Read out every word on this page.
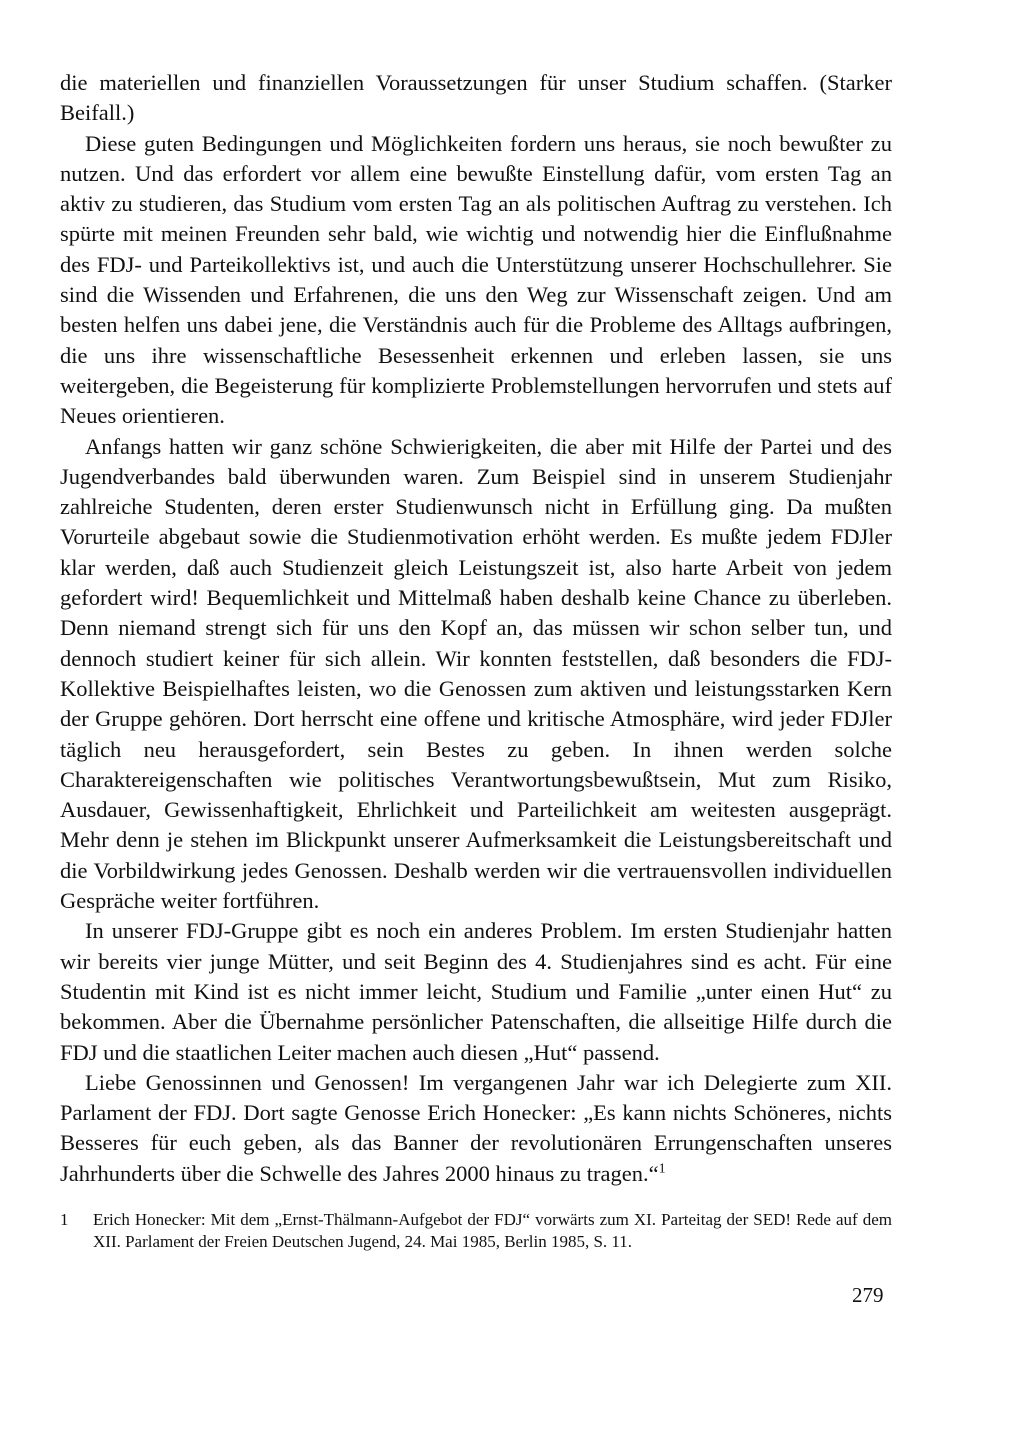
die materiellen und finanziellen Voraussetzungen für unser Studium schaffen. (Starker Beifall.)

Diese guten Bedingungen und Möglichkeiten fordern uns heraus, sie noch bewußter zu nutzen. Und das erfordert vor allem eine bewußte Einstellung dafür, vom ersten Tag an aktiv zu studieren, das Studium vom ersten Tag an als politischen Auftrag zu verstehen. Ich spürte mit meinen Freunden sehr bald, wie wichtig und notwendig hier die Einflußnahme des FDJ- und Parteikollektivs ist, und auch die Unterstützung unserer Hochschullehrer. Sie sind die Wissenden und Erfahrenen, die uns den Weg zur Wissenschaft zeigen. Und am besten helfen uns dabei jene, die Verständnis auch für die Probleme des Alltags aufbringen, die uns ihre wissenschaftliche Besessenheit erkennen und erleben lassen, sie uns weitergeben, die Begeisterung für komplizierte Problemstellungen hervorrufen und stets auf Neues orientieren.

Anfangs hatten wir ganz schöne Schwierigkeiten, die aber mit Hilfe der Partei und des Jugendverbandes bald überwunden waren. Zum Beispiel sind in unserem Studienjahr zahlreiche Studenten, deren erster Studienwunsch nicht in Erfüllung ging. Da mußten Vorurteile abgebaut sowie die Studienmotivation erhöht werden. Es mußte jedem FDJler klar werden, daß auch Studienzeit gleich Leistungszeit ist, also harte Arbeit von jedem gefordert wird! Bequemlichkeit und Mittelmaß haben deshalb keine Chance zu überleben. Denn niemand strengt sich für uns den Kopf an, das müssen wir schon selber tun, und dennoch studiert keiner für sich allein. Wir konnten feststellen, daß besonders die FDJ-Kollektive Beispielhaftes leisten, wo die Genossen zum aktiven und leistungsstarken Kern der Gruppe gehören. Dort herrscht eine offene und kritische Atmosphäre, wird jeder FDJler täglich neu herausgefordert, sein Bestes zu geben. In ihnen werden solche Charaktereigenschaften wie politisches Verantwortungsbewußtsein, Mut zum Risiko, Ausdauer, Gewissenhaftigkeit, Ehrlichkeit und Parteilichkeit am weitesten ausgeprägt. Mehr denn je stehen im Blickpunkt unserer Aufmerksamkeit die Leistungsbereitschaft und die Vorbildwirkung jedes Genossen. Deshalb werden wir die vertrauensvollen individuellen Gespräche weiter fortführen.

In unserer FDJ-Gruppe gibt es noch ein anderes Problem. Im ersten Studienjahr hatten wir bereits vier junge Mütter, und seit Beginn des 4. Studienjahres sind es acht. Für eine Studentin mit Kind ist es nicht immer leicht, Studium und Familie „unter einen Hut“ zu bekommen. Aber die Übernahme persönlicher Patenschaften, die allseitige Hilfe durch die FDJ und die staatlichen Leiter machen auch diesen „Hut“ passend.

Liebe Genossinnen und Genossen! Im vergangenen Jahr war ich Delegierte zum XII. Parlament der FDJ. Dort sagte Genosse Erich Honecker: „Es kann nichts Schöneres, nichts Besseres für euch geben, als das Banner der revolutionären Errungenschaften unseres Jahrhunderts über die Schwelle des Jahres 2000 hinaus zu tragen.“$^1$

1	Erich Honecker: Mit dem „Ernst-Thälmann-Aufgebot der FDJ“ vorwärts zum XI. Parteitag der SED! Rede auf dem XII. Parlament der Freien Deutschen Jugend, 24. Mai 1985, Berlin 1985, S. 11.
279
